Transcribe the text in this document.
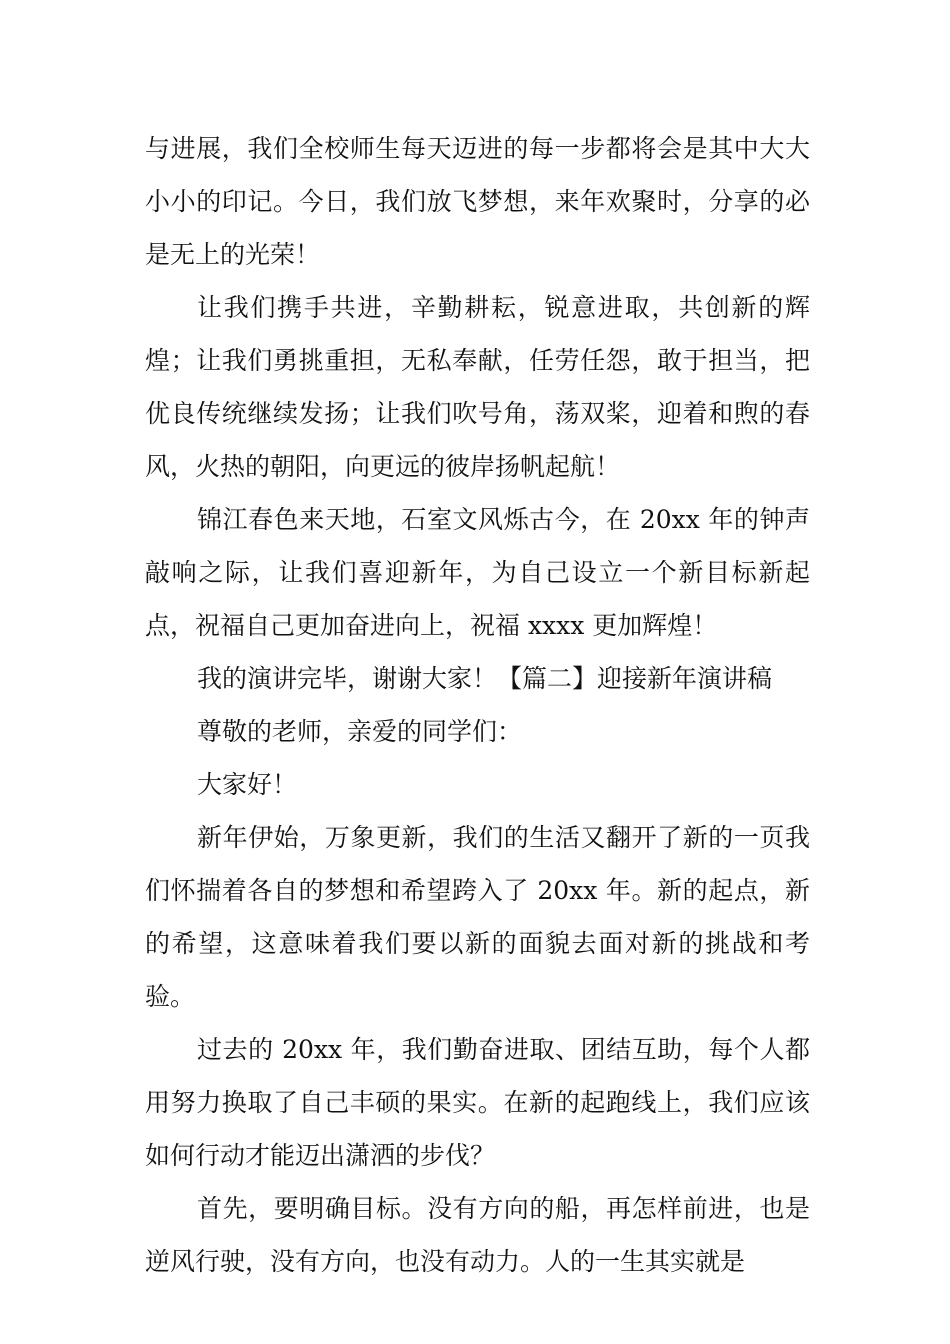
与进展，我们全校师生每天迈进的每一步都将会是其中大大小小的印记。今日，我们放飞梦想，来年欢聚时，分享的必是无上的光荣！

让我们携手共进，辛勤耕耘，锐意进取，共创新的辉煌；让我们勇挑重担，无私奉献，任劳任怨，敢于担当，把优良传统继续发扬；让我们吹号角，荡双桨，迎着和煦的春风，火热的朝阳，向更远的彼岸扬帆起航！

锦江春色来天地，石室文风烁古今，在 20xx 年的钟声敲响之际，让我们喜迎新年，为自己设立一个新目标新起点，祝福自己更加奋进向上，祝福 xxxx 更加辉煌！

我的演讲完毕，谢谢大家！【篇二】迎接新年演讲稿

尊敬的老师，亲爱的同学们：

大家好！

新年伊始，万象更新，我们的生活又翻开了新的一页我们怀揣着各自的梦想和希望跨入了 20xx 年。新的起点，新的希望，这意味着我们要以新的面貌去面对新的挑战和考验。

过去的 20xx 年，我们勤奋进取、团结互助，每个人都用努力换取了自己丰硕的果实。在新的起跑线上，我们应该如何行动才能迈出潇洒的步伐？

首先，要明确目标。没有方向的船，再怎样前进，也是逆风行驶，没有方向，也没有动力。人的一生其实就是
